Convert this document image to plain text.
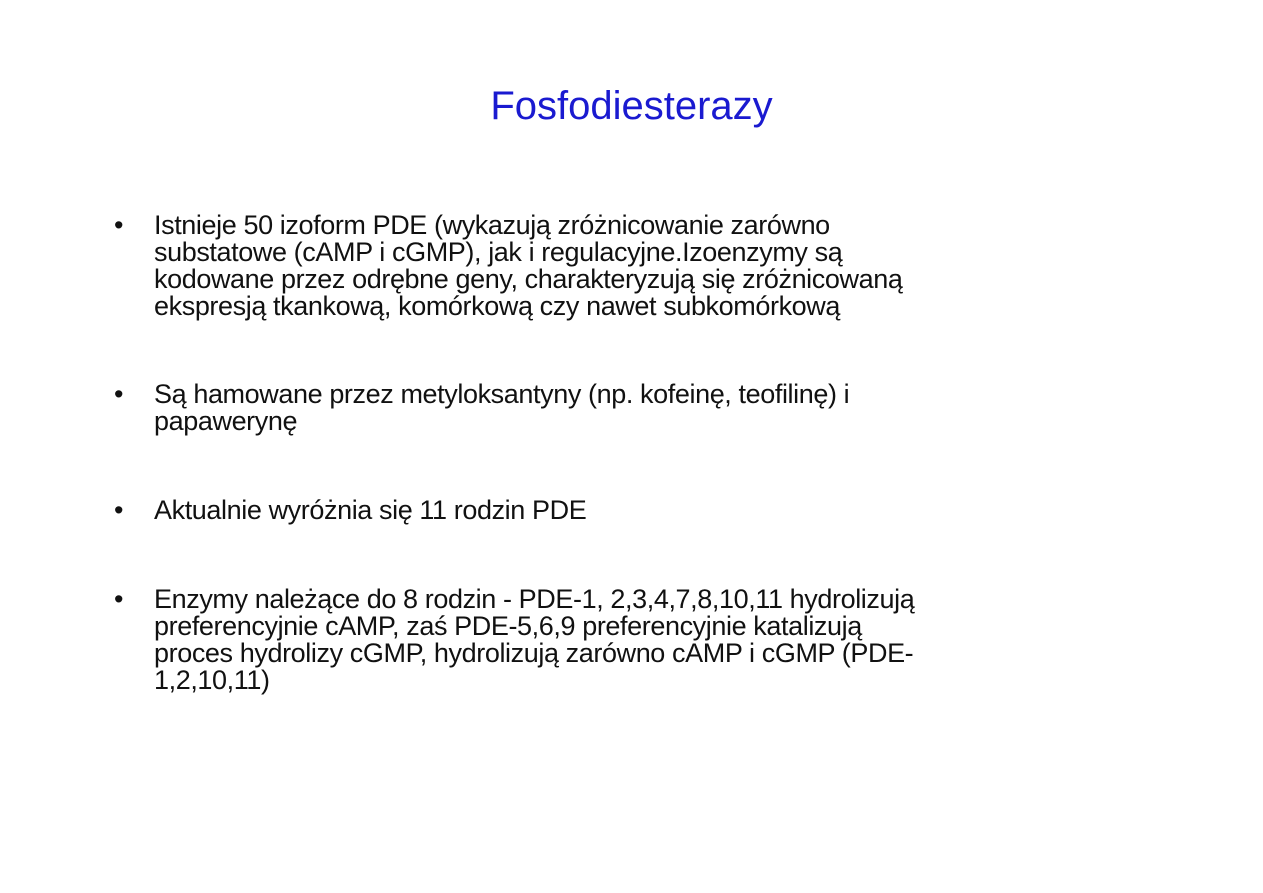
Fosfodiesterazy
• Istnieje 50 izoform PDE (wykazują zróżnicowanie zarówno
substatowe (cAMP i cGMP), jak i regulacyjne.Izoenzymy są
kodowane przez odrębne geny, charakteryzują się zróżnicowaną
ekspresją tkankową, komórkową czy nawet subkomórkową
• Są hamowane przez metyloksantyny (np. kofeinę, teofilinę) i
papawerynę
• Aktualnie wyróżnia się 11 rodzin PDE
• Enzymy należące do 8 rodzin - PDE-1, 2,3,4,7,8,10,11 hydrolizują
preferencyjnie cAMP, zaś PDE-5,6,9 preferencyjnie katalizują
proces hydrolizy cGMP, hydrolizują zarówno cAMP i cGMP (PDE-
1,2,10,11)
